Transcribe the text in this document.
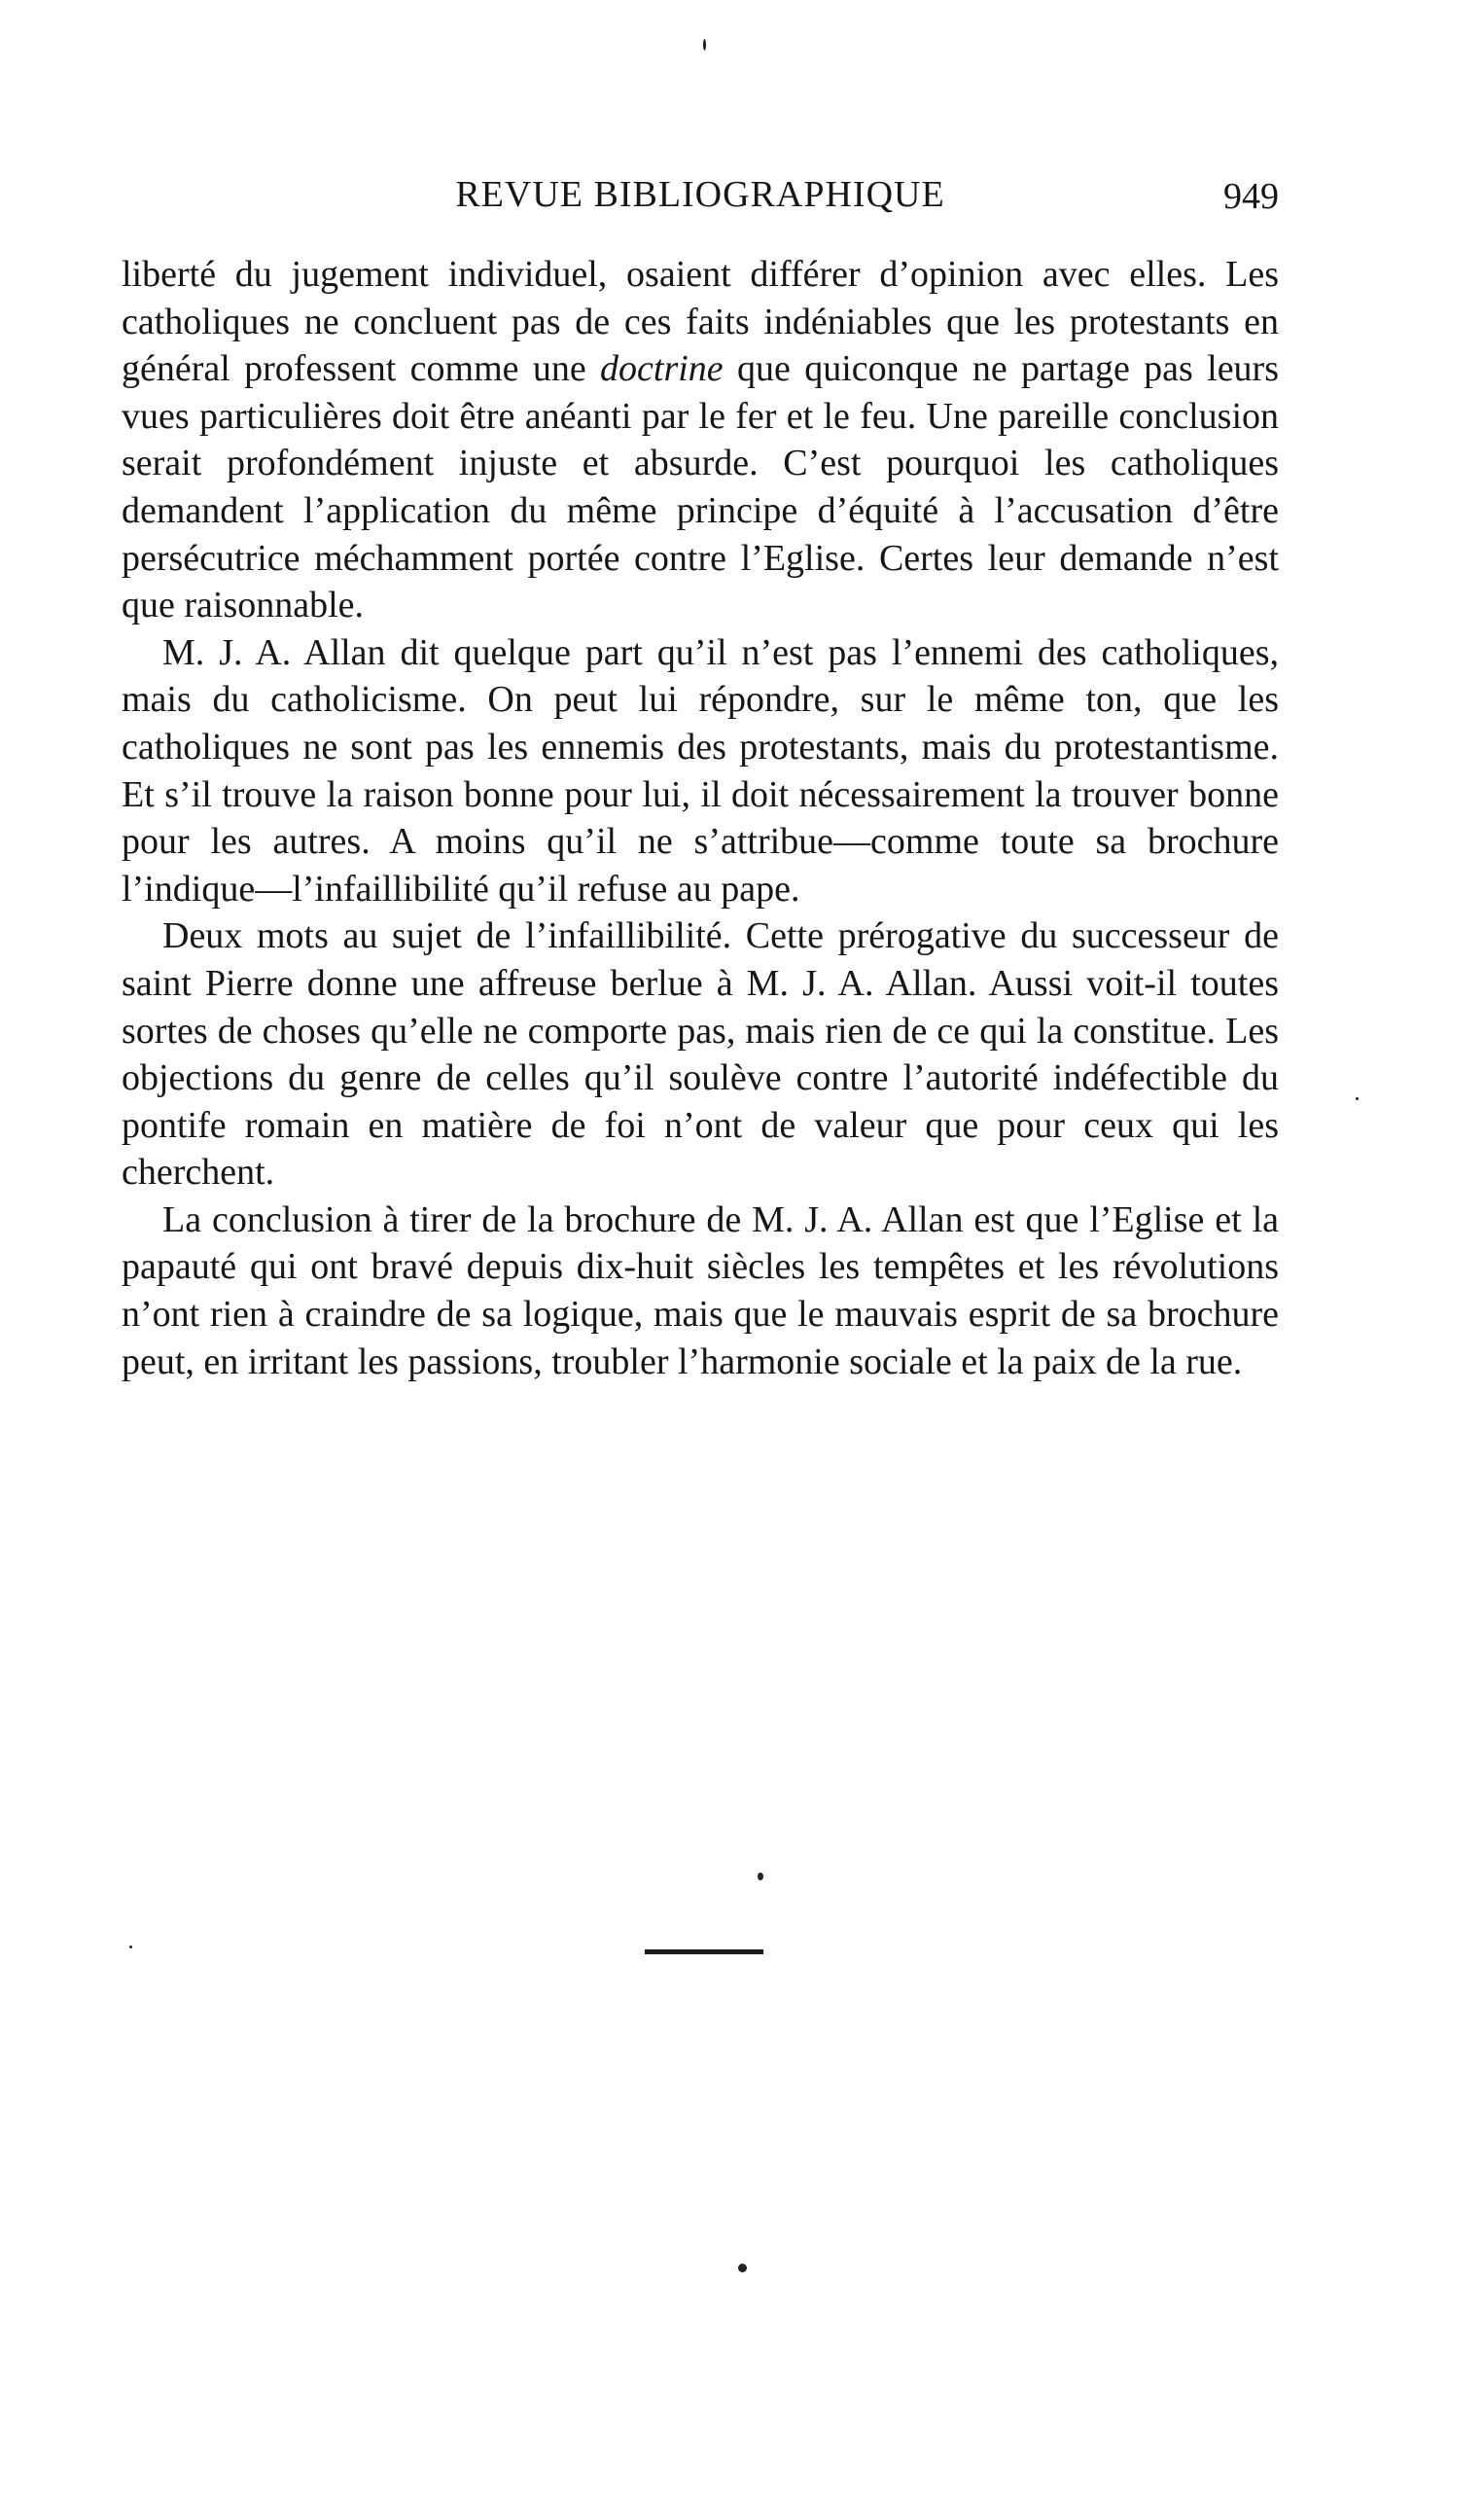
REVUE BIBLIOGRAPHIQUE	949

liberté du jugement individuel, osaient différer d’opinion avec elles. Les catholiques ne concluent pas de ces faits indéniables que les protestants en général professent comme une doctrine que quiconque ne partage pas leurs vues particulières doit être anéanti par le fer et le feu. Une pareille conclusion serait profondément injuste et absurde. C’est pourquoi les catholiques demandent l’application du même principe d’équité à l’accusation d’être persécutrice méchamment portée contre l’Eglise. Certes leur demande n’est que raisonnable.

M. J. A. Allan dit quelque part qu’il n’est pas l’ennemi des catholiques, mais du catholicisme. On peut lui répondre, sur le même ton, que les catholiques ne sont pas les ennemis des protestants, mais du protestantisme. Et s’il trouve la raison bonne pour lui, il doit nécessairement la trouver bonne pour les autres. A moins qu’il ne s’attribue—comme toute sa brochure l’indique—l’infaillibilité qu’il refuse au pape.

Deux mots au sujet de l’infaillibilité. Cette prérogative du successeur de saint Pierre donne une affreuse berlue à M. J. A. Allan. Aussi voit-il toutes sortes de choses qu’elle ne comporte pas, mais rien de ce qui la constitue. Les objections du genre de celles qu’il soulève contre l’autorité indéfectible du pontife romain en matière de foi n’ont de valeur que pour ceux qui les cherchent.

La conclusion à tirer de la brochure de M. J. A. Allan est que l’Eglise et la papauté qui ont bravé depuis dix-huit siècles les tempêtes et les révolutions n’ont rien à craindre de sa logique, mais que le mauvais esprit de sa brochure peut, en irritant les passions, troubler l’harmonie sociale et la paix de la rue.
